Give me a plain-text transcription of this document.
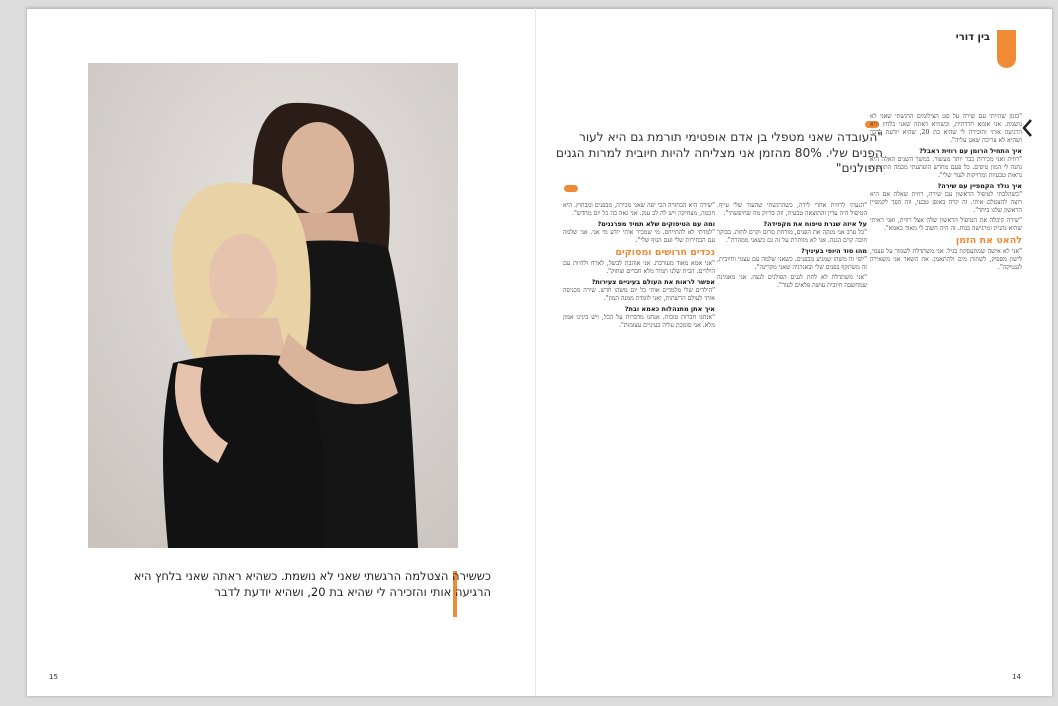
בין דורי
כששירה הצטלמה הרגשתי שאני לא נושמת. כשהיא ראתה שאני בלחץ היא הרגיעה אותי והזכירה לי שהיא בת 20, ושהיא יודעת לדבר
"העובדה שאני מטפלי בן אדם אופטימי תורמת גם היא לעור הפנים שלי. 80% מהזמן אני מצליחה להיות חיובית למרות הגנים הפולנים"

"בזמן שהייתי עם שירה על סט הצילומים הרגשתי שאני לא נושמת. אני אומא חרדתית, וכשהיא ראתה שאני בלחץ היא הרגיעה אותי והזכירה לי שהיא בת 20, שהיא יודעת לדבר ושהיא לא צריכה שאגן עליה".

איך התחיל הרומן עם רוזית ראבל?

"רוזית ואני מכירות כבר יותר מעשור. במשך השנים האלה היא נתנה לי המון טיפים. כל פעם מחדש הופתעתי מכמה התוצאות נראות טבעיות ומדויקות לעור שלי".

איך נולד הקמפיין עם שירה?

"כשהלכתי לטיפול הראשון עם שירה, רוזית שאלה אם היא רוצה להצטלם איתי. זה קרה באופן טבעי, וזה הפך לקמפיין הראשון שלנו ביחד".

"שירה קיבלה את הטיפול הראשון שלה אצל רוזית, ואני ראיתי שהיא נהנית ומרגישה בנוח. זה היה חשוב לי מאוד כאמא".

להאט את הזמן

"אני לא אישה שמתעסקת בגיל. אני משתדלת לשמור על עצמי, לישון מספיק, לשתות מים ולהתאמן. את השאר אני משאירה לגנטיקה".

"הגעתי לרוזית אחרי לידה, כשהרגשתי שהעור שלי עייף. הטיפול היה עדין והתוצאה טבעית, וזה בדיוק מה שחיפשתי".

על איזה שגרת טיפוח את מקפידה?

"כל ערב אני מנקה את הפנים, מורחת סרום וקרם לחות. בבוקר חובה קרם הגנה. אני לא מוותרת על זה גם כשאני ממהרת".

מהו סוד היופי בעיניך?

"יופי זה משהו שמגיע מבפנים. כשאני שלמה עם עצמי וחיובית, זה משתקף בפנים שלי ובאנרגיה שאני מקרינה".

"אני משתדלת לא לתת לגנים הפולנים לנצח. אני מאמינה שמחשבה חיובית עושה פלאים לעור".

"שירה היא הבחורה הכי יפה שאני מכירה, מבפנים ומבחוץ. היא חכמה, מצחיקה ויש לה לב ענק. אני גאה בה כל יום מחדש".

ומה עם הטיפוקים שלא תמיד מפרגנים?

"למדתי לא להתייחס. מי שמכיר אותי יודע מי אני. אני שלמה עם הבחירות שלי ועם הגוף שלי".

נכדים חרושים ומסוקים

"אני אמא מאוד מעורבת. אני אוהבת לבשל, לארח ולהיות עם הילדים. הבית שלנו תמיד מלא חברים וצחוק".

אפשר לראות את העולם בעיניים צעירות?

"הילדים שלי מלמדים אותי כל יום משהו חדש. שירה מכניסה אותי לעולם הרשתות, ואני לומדת ממנה המון".

איך אתן מתנהלות כאמא ובת?

"אנחנו חברות טובות. אנחנו מדברות על הכל, ויש בינינו אמון מלא. אני סומכת עליה בעיניים עצומות".

15	14
